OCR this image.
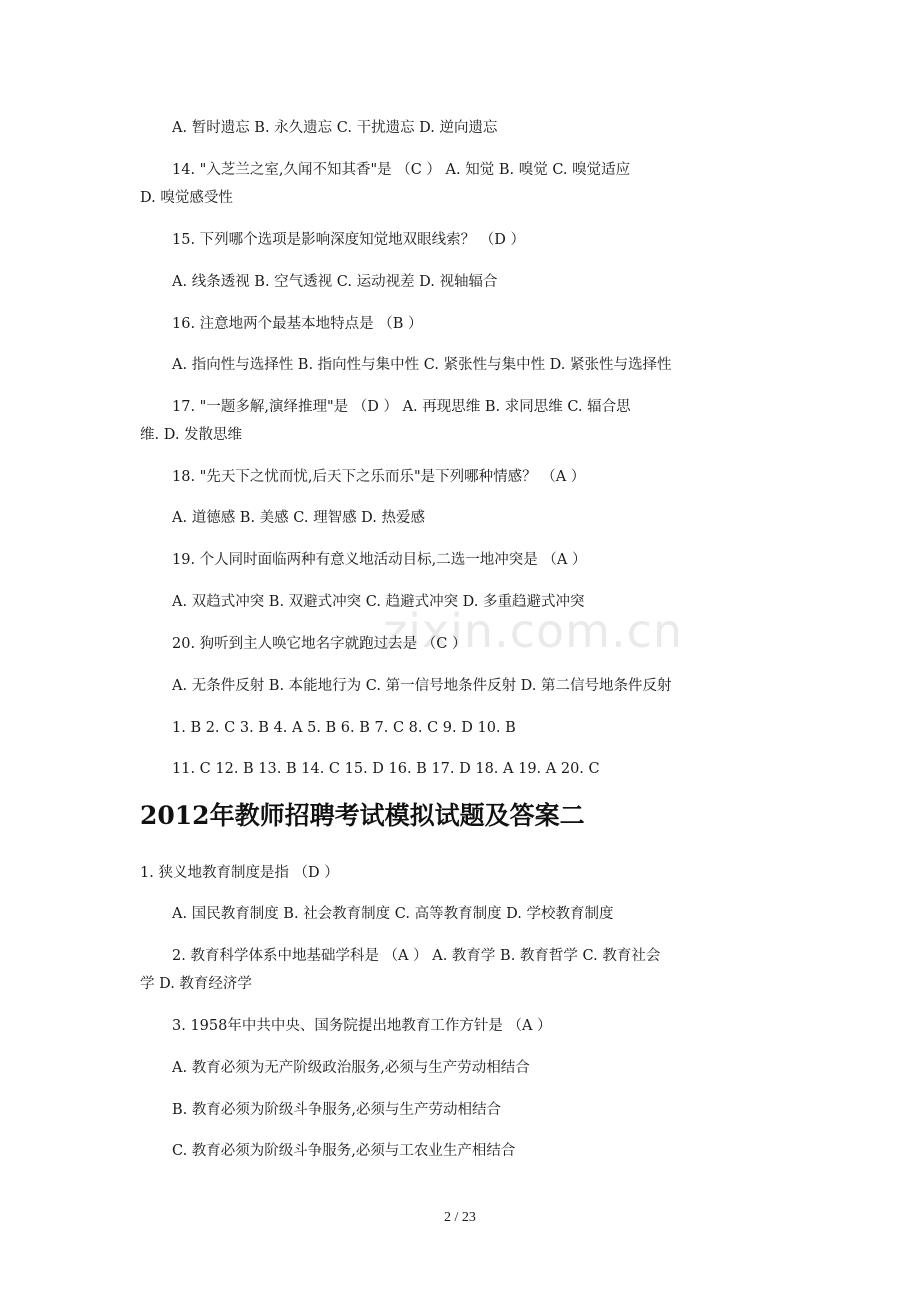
zixin.com.cn
A. 暂时遗忘 B. 永久遗忘 C. 干扰遗忘 D. 逆向遗忘
14. "入芝兰之室,久闻不知其香"是 （C ） A. 知觉 B. 嗅觉 C. 嗅觉适应
D. 嗅觉感受性
15. 下列哪个选项是影响深度知觉地双眼线索？ （D ）
A. 线条透视 B. 空气透视 C. 运动视差 D. 视轴辐合
16. 注意地两个最基本地特点是 （B ）
A. 指向性与选择性 B. 指向性与集中性 C. 紧张性与集中性 D. 紧张性与选择性
17. "一题多解,演绎推理"是 （D ） A. 再现思维 B. 求同思维 C. 辐合思
维. D. 发散思维
18. "先天下之忧而忧,后天下之乐而乐"是下列哪种情感？ （A ）
A. 道德感 B. 美感 C. 理智感 D. 热爱感
19. 个人同时面临两种有意义地活动目标,二选一地冲突是 （A ）
A. 双趋式冲突 B. 双避式冲突 C. 趋避式冲突 D. 多重趋避式冲突
20. 狗听到主人唤它地名字就跑过去是 （C ）
A. 无条件反射 B. 本能地行为 C. 第一信号地条件反射 D. 第二信号地条件反射
1. B 2. C 3. B 4. A 5. B 6. B 7. C 8. C 9. D 10. B
11. C 12. B 13. B 14. C 15. D 16. B 17. D 18. A 19. A 20. C
2012年教师招聘考试模拟试题及答案二
1. 狭义地教育制度是指 （D ）
A. 国民教育制度 B. 社会教育制度 C. 高等教育制度 D. 学校教育制度
2. 教育科学体系中地基础学科是 （A ） A. 教育学 B. 教育哲学 C. 教育社会
学 D. 教育经济学
3. 1958年中共中央、国务院提出地教育工作方针是 （A ）
A. 教育必须为无产阶级政治服务,必须与生产劳动相结合
B. 教育必须为阶级斗争服务,必须与生产劳动相结合
C. 教育必须为阶级斗争服务,必须与工农业生产相结合
2 / 23
